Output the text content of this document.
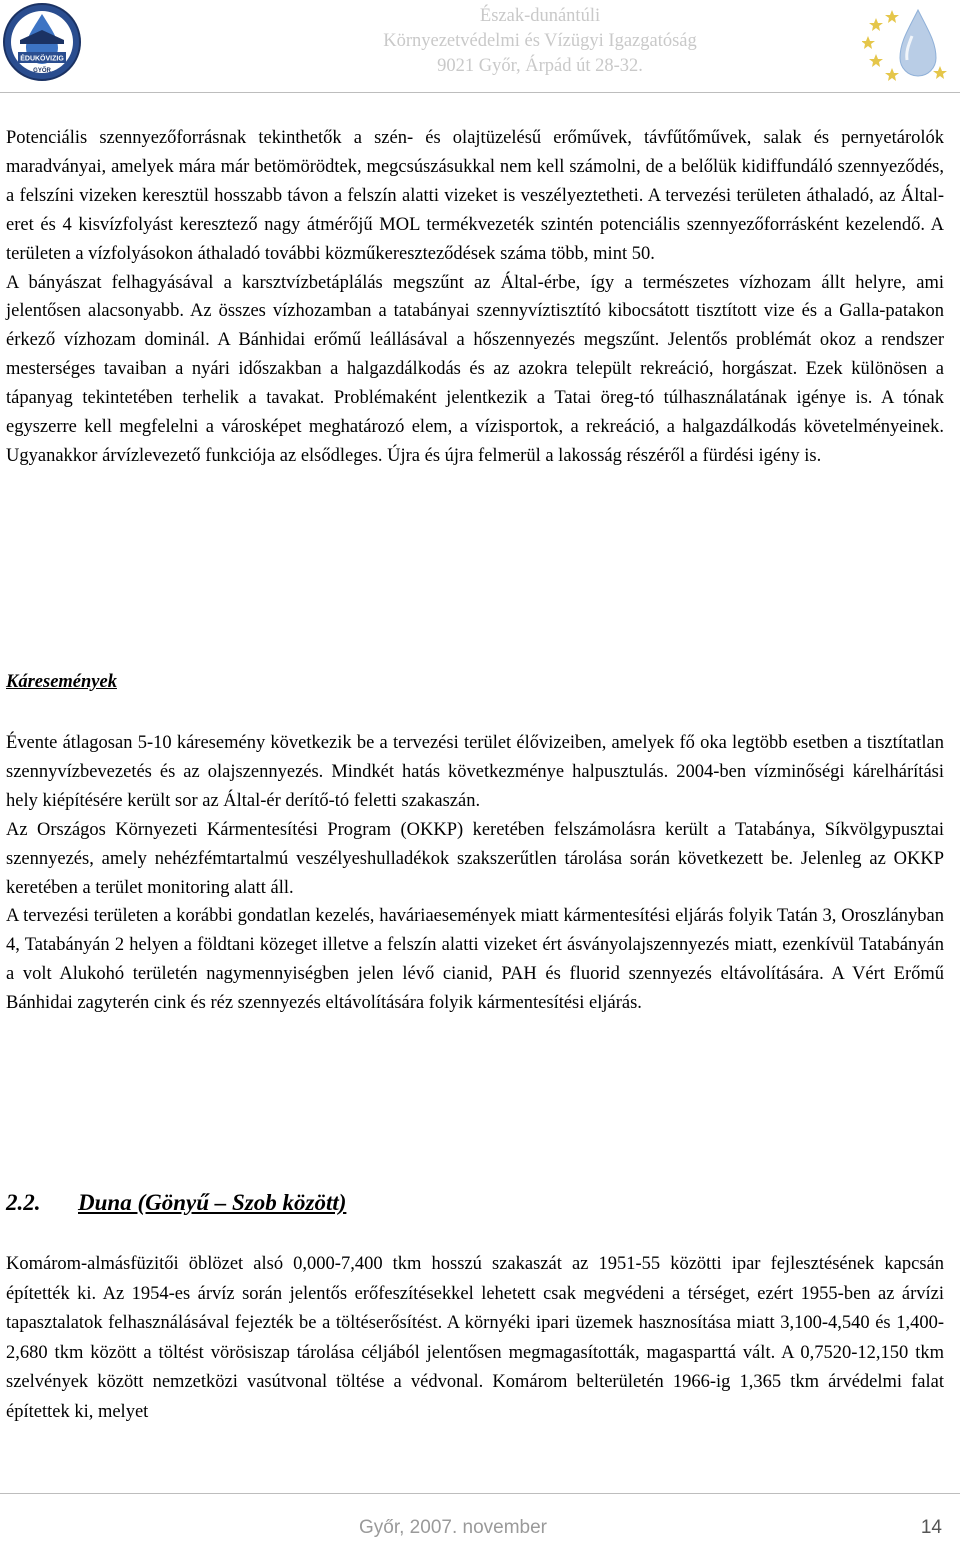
ÉDUKÖVIZIG
GYŐR
Észak-dunántúli
Környezetvédelmi és Vízügyi Igazgatóság
9021 Győr, Árpád út 28-32.

Potenciális szennyezőforrásnak tekinthetők a szén- és olajtüzelésű erőművek, távfűtőművek, salak és pernyetárolók maradványai, amelyek mára már betömörödtek, megcsúszásukkal nem kell számolni, de a belőlük kidiffundáló szennyeződés, a felszíni vizeken keresztül hosszabb távon a felszín alatti vizeket is veszélyeztetheti. A tervezési területen áthaladó, az Által-eret és 4 kisvízfolyást keresztező nagy átmérőjű MOL termékvezeték szintén potenciális szennyezőforrásként kezelendő. A területen a vízfolyásokon áthaladó további közműkereszteződések száma több, mint 50.

A bányászat felhagyásával a karsztvízbetáplálás megszűnt az Által-érbe, így a természetes vízhozam állt helyre, ami jelentősen alacsonyabb. Az összes vízhozamban a tatabányai szennyvíztisztító kibocsátott tisztított vize és a Galla-patakon érkező vízhozam dominál. A Bánhidai erőmű leállásával a hőszennyezés megszűnt. Jelentős problémát okoz a rendszer mesterséges tavaiban a nyári időszakban a halgazdálkodás és az azokra települt rekreáció, horgászat. Ezek különösen a tápanyag tekintetében terhelik a tavakat. Problémaként jelentkezik a Tatai öreg-tó túlhasználatának igénye is. A tónak egyszerre kell megfelelni a városképet meghatározó elem, a vízisportok, a rekreáció, a halgazdálkodás követelményeinek. Ugyanakkor árvízlevezető funkciója az elsődleges. Újra és újra felmerül a lakosság részéről a fürdési igény is.

Káresemények

Évente átlagosan 5-10 káresemény következik be a tervezési terület élővizeiben, amelyek fő oka legtöbb esetben a tisztítatlan szennyvízbevezetés és az olajszennyezés. Mindkét hatás következménye halpusztulás. 2004-ben vízminőségi kárelhárítási hely kiépítésére került sor az Által-ér derítő-tó feletti szakaszán.

Az Országos Környezeti Kármentesítési Program (OKKP) keretében felszámolásra került a Tatabánya, Síkvölgypusztai szennyezés, amely nehézfémtartalmú veszélyeshulladékok szakszerűtlen tárolása során következett be. Jelenleg az OKKP keretében a terület monitoring alatt áll.

A tervezési területen a korábbi gondatlan kezelés, haváriaesemények miatt kármentesítési eljárás folyik Tatán 3, Oroszlányban 4, Tatabányán 2 helyen a földtani közeget illetve a felszín alatti vizeket ért ásványolajszennyezés miatt, ezenkívül Tatabányán a volt Alukohó területén nagymennyiségben jelen lévő cianid, PAH és fluorid szennyezés eltávolítására. A Vért Erőmű Bánhidai zagyterén cink és réz szennyezés eltávolítására folyik kármentesítési eljárás.

2.2. Duna (Gönyű – Szob között)

Komárom-almásfüzitői öblözet alsó 0,000-7,400 tkm hosszú szakaszát az 1951-55 közötti ipar fejlesztésének kapcsán építették ki. Az 1954-es árvíz során jelentős erőfeszítésekkel lehetett csak megvédeni a térséget, ezért 1955-ben az árvízi tapasztalatok felhasználásával fejezték be a töltéserősítést. A környéki ipari üzemek hasznosítása miatt 3,100-4,540 és 1,400-2,680 tkm között a töltést vörösiszap tárolása céljából jelentősen megmagasították, magasparttá vált. A 0,7520-12,150 tkm szelvények között nemzetközi vasútvonal töltése a védvonal. Komárom belterületén 1966-ig 1,365 tkm árvédelmi falat építettek ki, melyet

Győr, 2007. november	14
